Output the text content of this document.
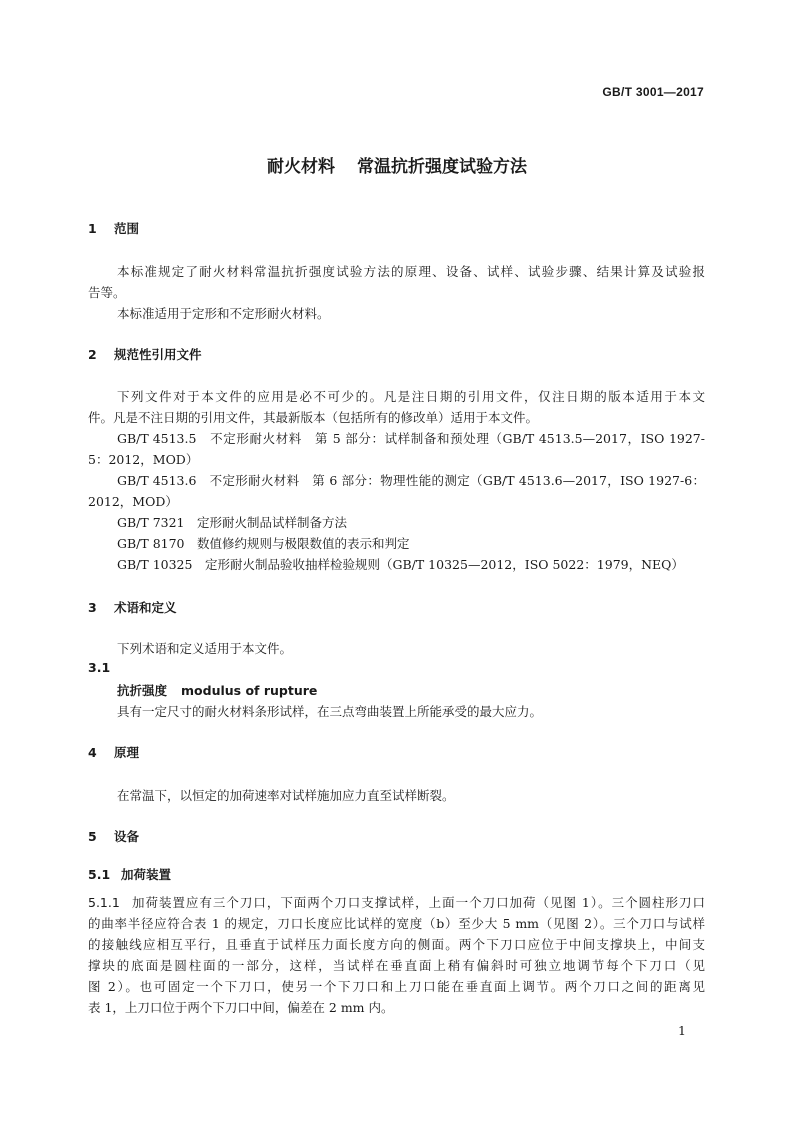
GB/T 3001—2017
耐火材料 常温抗折强度试验方法
1 范围
本标准规定了耐火材料常温抗折强度试验方法的原理、设备、试样、试验步骤、结果计算及试验报
告等。
本标准适用于定形和不定形耐火材料。
2 规范性引用文件
下列文件对于本文件的应用是必不可少的。凡是注日期的引用文件，仅注日期的版本适用于本文
件。凡是不注日期的引用文件，其最新版本（包括所有的修改单）适用于本文件。
GB/T 4513.5　 不定形耐火材料　第 5 部分：试样制备和预处理（GB/T 4513.5—2017，ISO 1927-
5：2012，MOD）
GB/T 4513.6　 不定形耐火材料　第 6 部分：物理性能的测定（GB/T 4513.6—2017，ISO 1927-6：
2012，MOD）
GB/T 7321　 定形耐火制品试样制备方法
GB/T 8170　 数值修约规则与极限数值的表示和判定
GB/T 10325　 定形耐火制品验收抽样检验规则（GB/T 10325—2012，ISO 5022：1979，NEQ）
3 术语和定义
下列术语和定义适用于本文件。
3.1
抗折强度 modulus of rupture
具有一定尺寸的耐火材料条形试样，在三点弯曲装置上所能承受的最大应力。
4 原理
在常温下，以恒定的加荷速率对试样施加应力直至试样断裂。
5 设备
5.1 加荷装置
5.1.1 加荷装置应有三个刀口，下面两个刀口支撑试样，上面一个刀口加荷（见图 1）。三个圆柱形刀口
的曲率半径应符合表 1 的规定，刀口长度应比试样的宽度（b）至少大 5 mm（见图 2）。三个刀口与试样
的接触线应相互平行，且垂直于试样压力面长度方向的侧面。两个下刀口应位于中间支撑块上，中间支
撑块的底面是圆柱面的一部分，这样，当试样在垂直面上稍有偏斜时可独立地调节每个下刀口（见
图 2）。也可固定一个下刀口，使另一个下刀口和上刀口能在垂直面上调节。两个刀口之间的距离见
表 1，上刀口位于两个下刀口中间，偏差在 2 mm 内。
1
